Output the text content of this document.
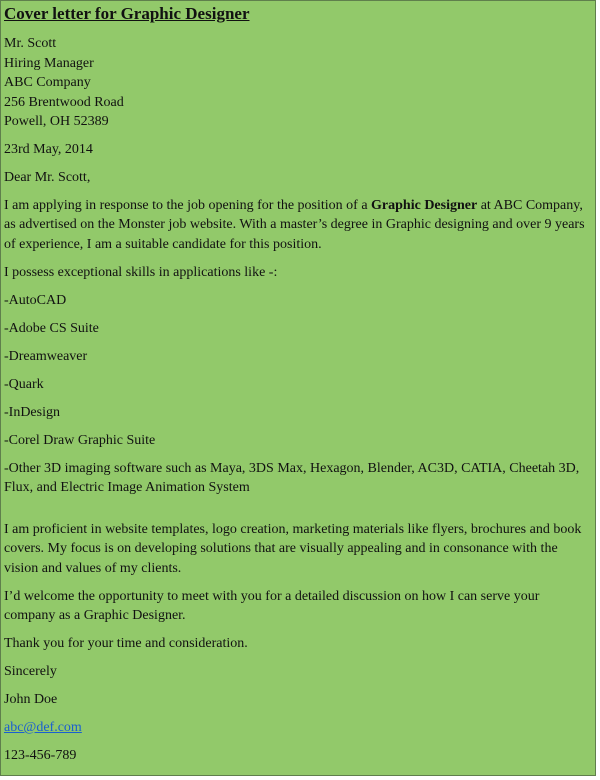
Cover letter for Graphic Designer
Mr. Scott
Hiring Manager
ABC Company
256 Brentwood Road
Powell, OH 52389
23rd May, 2014
Dear Mr. Scott,
I am applying in response to the job opening for the position of a Graphic Designer at ABC Company, as advertised on the Monster job website. With a master’s degree in Graphic designing and over 9 years of experience, I am a suitable candidate for this position.
I possess exceptional skills in applications like -:
-AutoCAD
-Adobe CS Suite
-Dreamweaver
-Quark
-InDesign
-Corel Draw Graphic Suite
-Other 3D imaging software such as Maya, 3DS Max, Hexagon, Blender, AC3D, CATIA, Cheetah 3D, Flux, and Electric Image Animation System
I am proficient in website templates, logo creation, marketing materials like flyers, brochures and book covers. My focus is on developing solutions that are visually appealing and in consonance with the vision and values of my clients.
I’d welcome the opportunity to meet with you for a detailed discussion on how I can serve your company as a Graphic Designer.
Thank you for your time and consideration.
Sincerely
John Doe
abc@def.com
123-456-789
